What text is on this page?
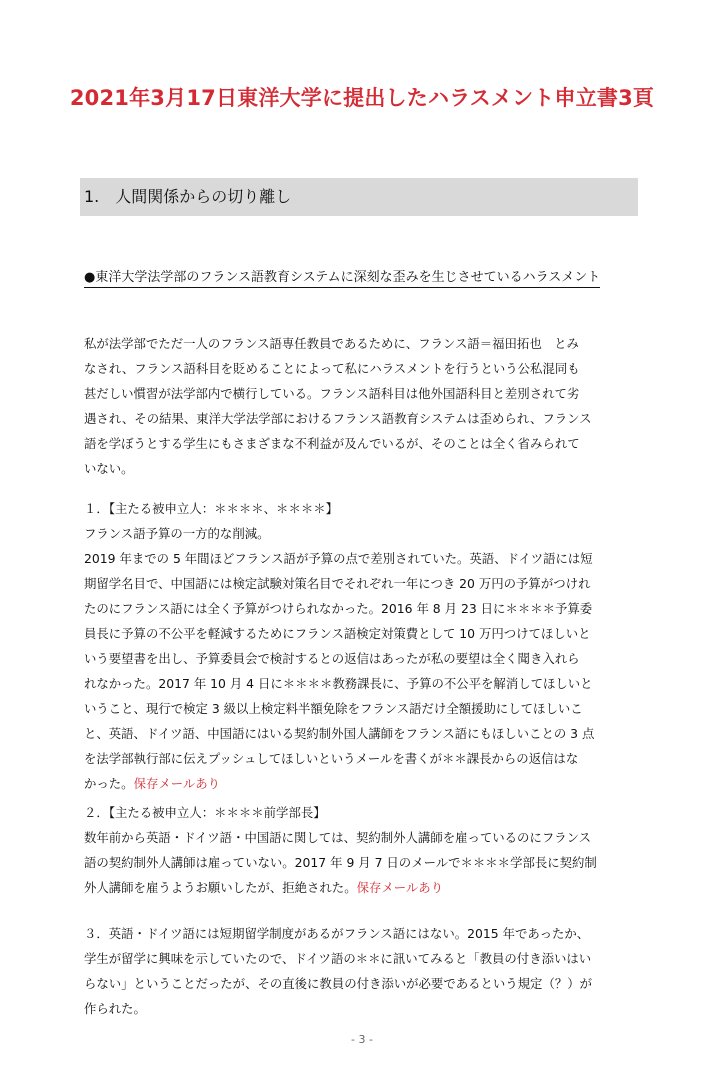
2021年3月17日東洋大学に提出したハラスメント申立書3頁
1.　人間関係からの切り離し
●東洋大学法学部のフランス語教育システムに深刻な歪みを生じさせているハラスメント
私が法学部でただ一人のフランス語専任教員であるために、フランス語＝福田拓也　とみ
なされ、フランス語科目を貶めることによって私にハラスメントを行うという公私混同も
甚だしい慣習が法学部内で横行している。フランス語科目は他外国語科目と差別されて劣
遇され、その結果、東洋大学法学部におけるフランス語教育システムは歪められ、フランス
語を学ぼうとする学生にもさまざまな不利益が及んでいるが、そのことは全く省みられて
いない。
１．【主たる被申立人：＊＊＊＊、＊＊＊＊】
フランス語予算の一方的な削減。
2019 年までの 5 年間ほどフランス語が予算の点で差別されていた。英語、ドイツ語には短
期留学名目で、中国語には検定試験対策名目でそれぞれ一年につき 20 万円の予算がつけれ
たのにフランス語には全く予算がつけられなかった。2016 年 8 月 23 日に＊＊＊＊予算委
員長に予算の不公平を軽減するためにフランス語検定対策費として 10 万円つけてほしいと
いう要望書を出し、予算委員会で検討するとの返信はあったが私の要望は全く聞き入れら
れなかった。2017 年 10 月 4 日に＊＊＊＊教務課長に、予算の不公平を解消してほしいと
いうこと、現行で検定 3 級以上検定料半額免除をフランス語だけ全額援助にしてほしいこ
と、英語、ドイツ語、中国語にはいる契約制外国人講師をフランス語にもほしいことの 3 点
を法学部執行部に伝えプッシュしてほしいというメールを書くが＊＊課長からの返信はな
かった。保存メールあり
２．【主たる被申立人：＊＊＊＊前学部長】
数年前から英語・ドイツ語・中国語に関しては、契約制外人講師を雇っているのにフランス
語の契約制外人講師は雇っていない。2017 年 9 月 7 日のメールで＊＊＊＊学部長に契約制
外人講師を雇うようお願いしたが、拒絶された。保存メールあり
３．英語・ドイツ語には短期留学制度があるがフランス語にはない。2015 年であったか、
学生が留学に興味を示していたので、ドイツ語の＊＊に訊いてみると「教員の付き添いはい
らない」ということだったが、その直後に教員の付き添いが必要であるという規定（？）が
作られた。
- 3 -
